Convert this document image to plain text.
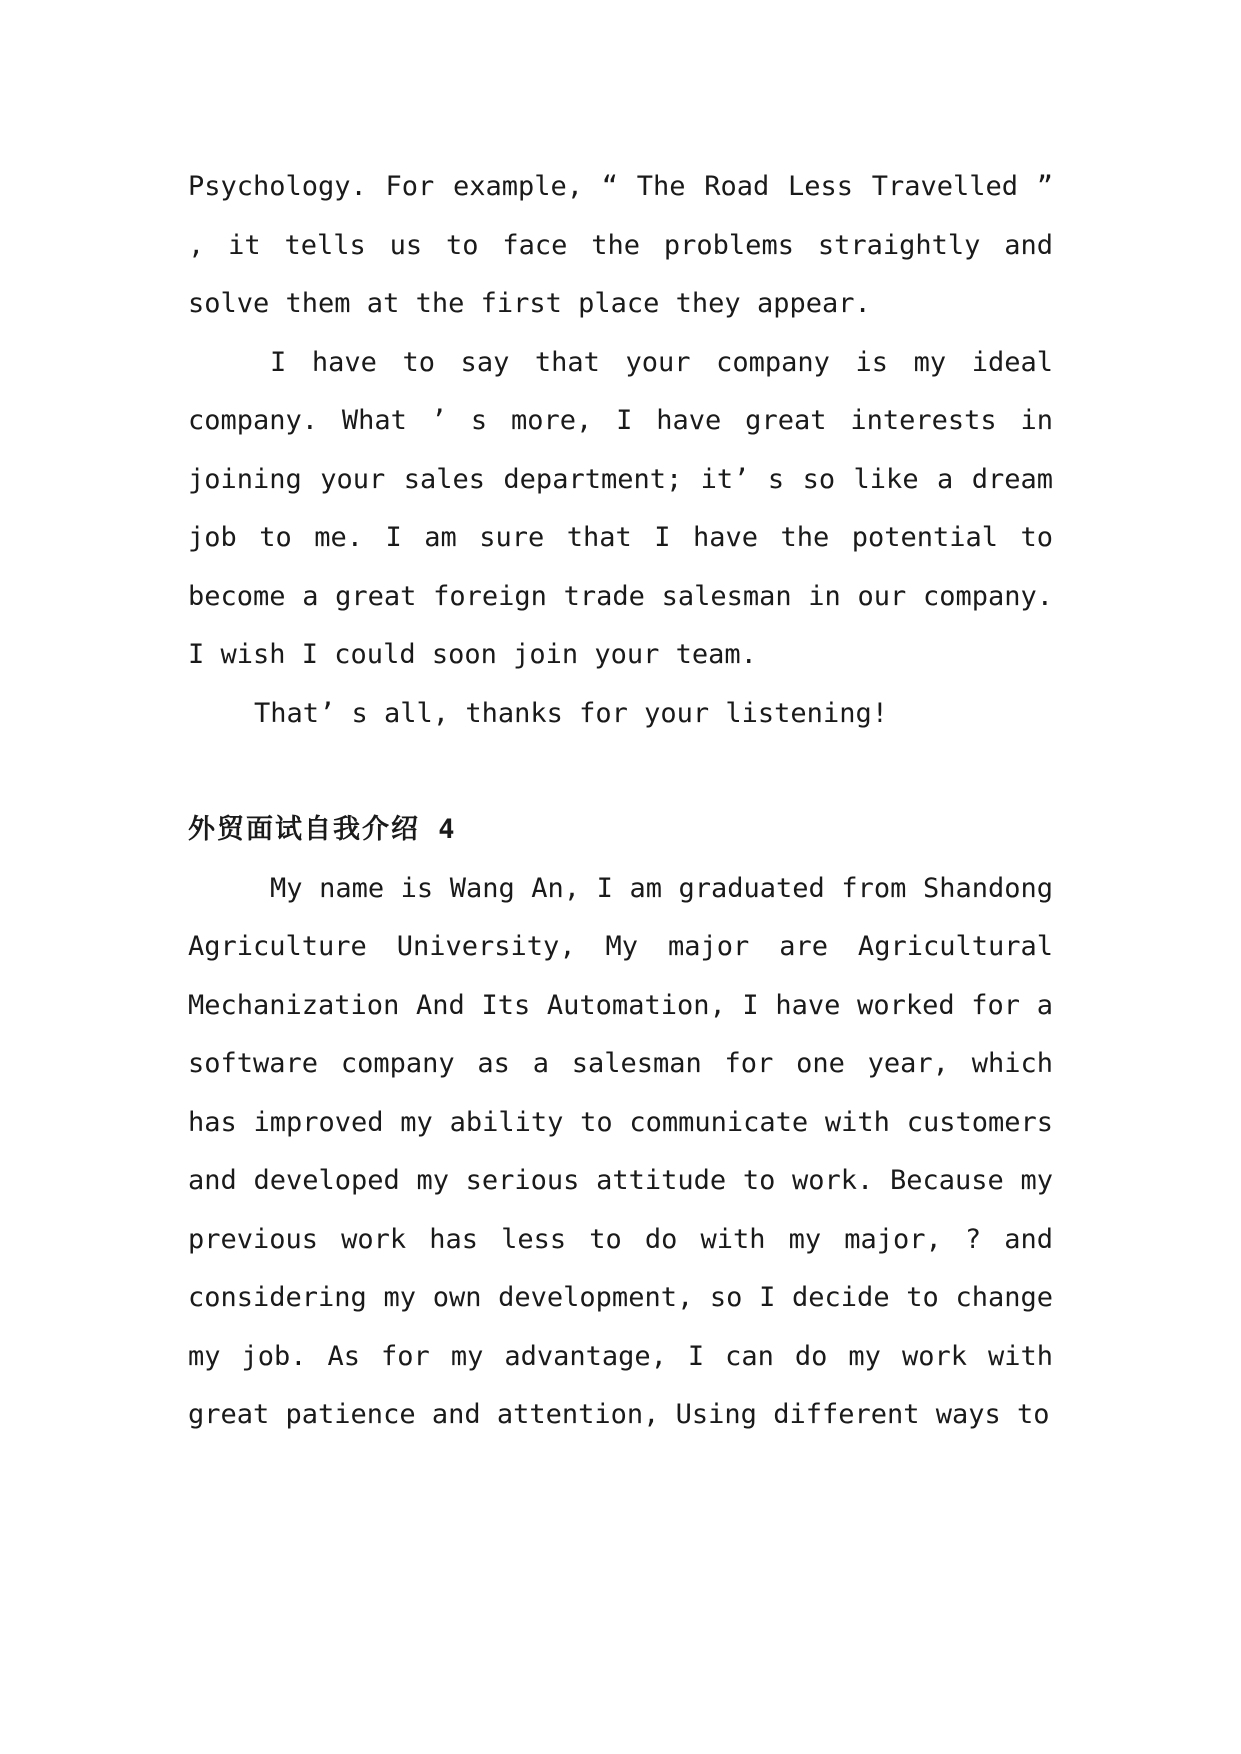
Psychology. For example, “ The Road Less Travelled ” , it tells us to face the problems straightly and solve them at the first place they appear.

I have to say that your company is my ideal company. What ’ s more, I have great interests in joining your sales department; it’ s so like a dream job to me. I am sure that I have the potential to become a great foreign trade salesman in our company. I wish I could soon join your team.

That’ s all, thanks for your listening!

外贸面试自我介绍 4

My name is Wang An, I am graduated from Shandong Agriculture University, My major are Agricultural Mechanization And Its Automation, I have worked for a software company as a salesman for one year, which has improved my ability to communicate with customers and developed my serious attitude to work. Because my previous work has less to do with my major, ? and considering my own development, so I decide to change my job. As for my advantage, I can do my work with great patience and attention, Using different ways to
